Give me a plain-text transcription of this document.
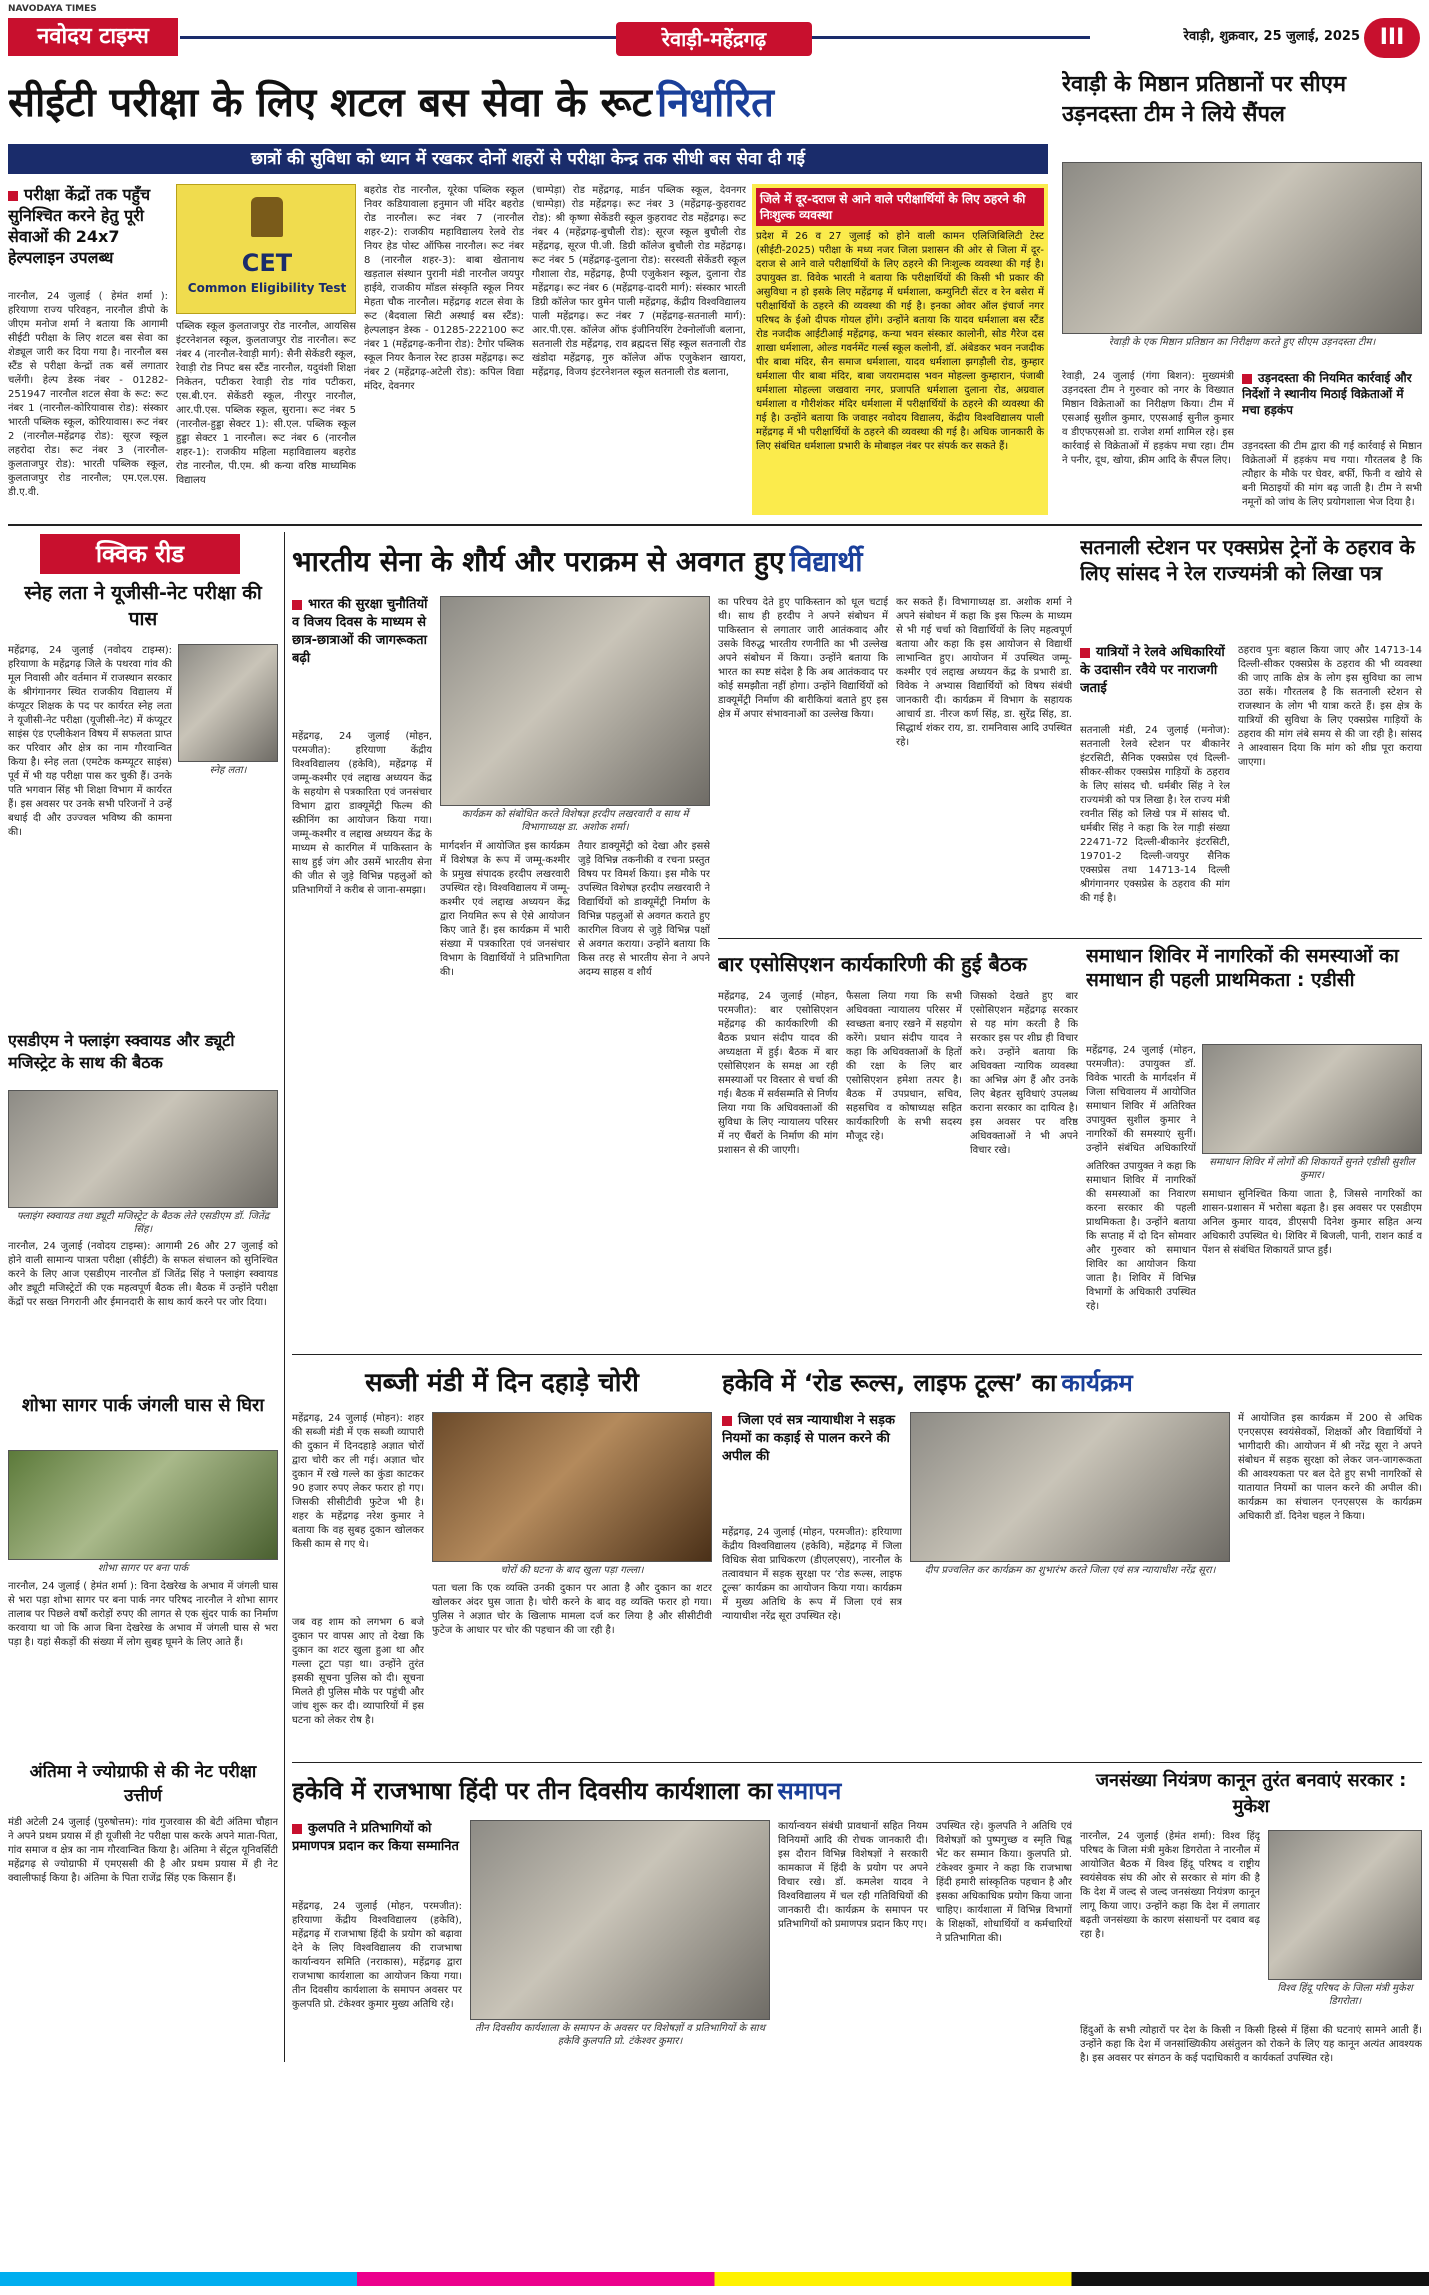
NAVODAYA TIMES
नवोदय टाइम्स	रेवाड़ी-महेंद्रगढ़	रेवाड़ी, शुक्रवार, 25 जुलाई, 2025 III
सीईटी परीक्षा के लिए शटल बस सेवा के रूट निर्धारित
छात्रों की सुविधा को ध्यान में रखकर दोनों शहरों से परीक्षा केन्द्र तक सीधी बस सेवा दी गई
परीक्षा केंद्रों तक पहुँच सुनिश्चित करने हेतु पूरी सेवाओं की 24x7 हेल्पलाइन उपलब्ध
नारनौल, 24 जुलाई ( हेमंत शर्मा ): हरियाणा राज्य परिवहन, नारनौल डीपो के जीएम मनोज शर्मा ने बताया कि आगामी सीईटी परीक्षा के लिए शटल बस सेवा का शेड्यूल जारी कर दिया गया है। नारनौल बस स्टैंड से परीक्षा केन्द्रों तक बसें लगातार चलेंगी। हेल्प डेस्क नंबर - 01282-251947 नारनौल शटल सेवा के रूट: रूट नंबर 1 (नारनौल-कोरियावास रोड): संस्कार भारती पब्लिक स्कूल, कोरियावास। रूट नंबर 2 (नारनौल-महेंद्रगढ़ रोड): सूरज स्कूल लहरोदा रोड। रूट नंबर 3 (नारनौल-कुलताजपुर रोड): भारती पब्लिक स्कूल, कुलताजपुर रोड नारनौल; एम.एल.एस. डी.ए.वी.
CET
Common Eligibility Test
पब्लिक स्कूल कुलताजपुर रोड नारनौल, आयसिस इंटरनेशनल स्कूल, कुलताजपुर रोड नारनौल। रूट नंबर 4 (नारनौल-रेवाड़ी मार्ग): सैनी सेकेंडरी स्कूल, रेवाड़ी रोड निपट बस स्टैंड नारनौल, यदुवंशी शिक्षा निकेतन, पटीकरा रेवाड़ी रोड गांव पटीकरा, एस.बी.एन. सेकेंडरी स्कूल, नीरपुर नारनौल, आर.पी.एस. पब्लिक स्कूल, सुराना। रूट नंबर 5 (नारनौल-हुड्डा सेक्टर 1): सी.एल. पब्लिक स्कूल हुड्डा सेक्टर 1 नारनौल। रूट नंबर 6 (नारनौल शहर-1): राजकीय महिला महाविद्यालय बहरोड रोड नारनौल, पी.एम. श्री कन्या वरिष्ठ माध्यमिक विद्यालय
बहरोड रोड नारनौल, यूरेका पब्लिक स्कूल निवर कडियावाला हनुमान जी मंदिर बहरोड रोड नारनौल। रूट नंबर 7 (नारनौल शहर-2): राजकीय महाविद्यालय रेलवे रोड नियर हेड पोस्ट ऑफिस नारनौल। रूट नंबर 8 (नारनौल शहर-3): बाबा खेतानाथ खड़ताल संस्थान पुरानी मंडी नारनौल जयपुर हाईवे, राजकीय मॉडल संस्कृति स्कूल नियर मेहता चौक नारनौल। महेंद्रगढ़ शटल सेवा के रूट (बैदवाला सिटी अस्थाई बस स्टैंड): हेल्पलाइन डेस्क - 01285-222100 रूट नंबर 1 (महेंद्रगढ़-कनीना रोड): टैगोर पब्लिक स्कूल नियर कैनाल रेस्ट हाउस महेंद्रगढ़। रूट नंबर 2 (महेंद्रगढ़-अटेली रोड): कपिल विद्या मंदिर, देवनगर
(चाम्पेड़ा) रोड महेंद्रगढ़, मार्डन पब्लिक स्कूल, देवनगर (चाम्पेड़ा) रोड महेंद्रगढ़। रूट नंबर 3 (महेंद्रगढ़-कुहरावट रोड): श्री कृष्णा सेकेंडरी स्कूल कुहरावट रोड महेंद्रगढ़। रूट नंबर 4 (महेंद्रगढ़-बुचौली रोड): सूरज स्कूल बुचौली रोड महेंद्रगढ़, सूरज पी.जी. डिग्री कॉलेज बुचौली रोड महेंद्रगढ़। रूट नंबर 5 (महेंद्रगढ़-दुलाना रोड): सरस्वती सेकेंडरी स्कूल गौशाला रोड, महेंद्रगढ़, हैप्पी एजुकेशन स्कूल, दुलाना रोड महेंद्रगढ़। रूट नंबर 6 (महेंद्रगढ़-दादरी मार्ग): संस्कार भारती डिग्री कॉलेज फार वुमेन पाली महेंद्रगढ़, केंद्रीय विश्वविद्यालय पाली महेंद्रगढ़। रूट नंबर 7 (महेंद्रगढ़-सतनाली मार्ग): आर.पी.एस. कॉलेज ऑफ इंजीनियरिंग टेक्नोलॉजी बलाना, सतनाली रोड महेंद्रगढ़, राव ब्रह्मदत्त सिंह स्कूल सतनाली रोड खंडोदा महेंद्रगढ़, गुरु कॉलेज ऑफ एजुकेशन खायरा, महेंद्रगढ़, विजय इंटरनेशनल स्कूल सतनाली रोड बलाना,
जिले में दूर-दराज से आने वाले परीक्षार्थियों के लिए ठहरने की निःशुल्क व्यवस्था
प्रदेश में 26 व 27 जुलाई को होने वाली कामन एलिजिबिलिटी टेस्ट (सीईटी-2025) परीक्षा के मध्य नजर जिला प्रशासन की ओर से जिला में दूर-दराज से आने वाले परीक्षार्थियों के लिए ठहरने की निःशुल्क व्यवस्था की गई है। उपायुक्त डा. विवेक भारती ने बताया कि परीक्षार्थियों की किसी भी प्रकार की असुविधा न हो इसके लिए महेंद्रगढ़ में धर्मशाला, कम्युनिटी सेंटर व रेन बसेरा में परीक्षार्थियों के ठहरने की व्यवस्था की गई है। इनका ओवर ऑल इंचार्ज नगर परिषद के ईओ दीपक गोयल होंगे। उन्होंने बताया कि यादव धर्मशाला बस स्टैंड रोड नजदीक आईटीआई महेंद्रगढ़, कन्या भवन संस्कार कालोनी, सोड गैरेज दस शाखा धर्मशाला, ओल्ड गवर्नमेंट गर्ल्स स्कूल कलोनी, डॉ. अंबेडकर भवन नजदीक पीर बाबा मंदिर, सैन समाज धर्मशाला, यादव धर्मशाला झगड़ौली रोड, कुम्हार धर्मशाला पीर बाबा मंदिर, बाबा जयरामदास भवन मोहल्ला कुम्हारान, पंजाबी धर्मशाला मोहल्ला जखवारा नगर, प्रजापति धर्मशाला दुलाना रोड, अग्रवाल धर्मशाला व गौरीशंकर मंदिर धर्मशाला में परीक्षार्थियों के ठहरने की व्यवस्था की गई है। उन्होंने बताया कि जवाहर नवोदय विद्यालय, केंद्रीय विश्वविद्यालय पाली महेंद्रगढ़ में भी परीक्षार्थियों के ठहरने की व्यवस्था की गई है। अधिक जानकारी के लिए संबंधित धर्मशाला प्रभारी के मोबाइल नंबर पर संपर्क कर सकते हैं।
रेवाड़ी के मिष्ठान प्रतिष्ठानों पर सीएम उड़नदस्ता टीम ने लिये सैंपल
रेवाड़ी के एक मिष्ठान प्रतिष्ठान का निरीक्षण करते हुए सीएम उड़नदस्ता टीम।
रेवाड़ी, 24 जुलाई (गंगा बिशन): मुख्यमंत्री उड़नदस्ता टीम ने गुरुवार को नगर के विख्यात मिष्ठान विक्रेताओं का निरीक्षण किया। टीम में एसआई सुशील कुमार, एएसआई सुनील कुमार व डीएफएसओ डा. राजेश शर्मा शामिल रहे। इस कार्रवाई से विक्रेताओं में हड़कंप मचा रहा। टीम ने पनीर, दूध, खोया, क्रीम आदि के सैंपल लिए।
उड़नदस्ता की नियमित कार्रवाई और निर्देशों ने स्थानीय मिठाई विक्रेताओं में मचा हड़कंप
उड़नदस्ता की टीम द्वारा की गई कार्रवाई से मिष्ठान विक्रेताओं में हड़कंप मच गया। गौरतलब है कि त्यौहार के मौके पर घेवर, बर्फी, फिनी व खोये से बनी मिठाइयों की मांग बढ़ जाती है। टीम ने सभी नमूनों को जांच के लिए प्रयोगशाला भेज दिया है।
क्विक रीड
स्नेह लता ने यूजीसी-नेट परीक्षा की पास
स्नेह लता।
महेंद्रगढ़, 24 जुलाई (नवोदय टाइम्स): हरियाणा के महेंद्रगढ़ जिले के पथरवा गांव की मूल निवासी और वर्तमान में राजस्थान सरकार के श्रीगंगानगर स्थित राजकीय विद्यालय में कंप्यूटर शिक्षक के पद पर कार्यरत स्नेह लता ने यूजीसी-नेट परीक्षा (यूजीसी-नेट) में कंप्यूटर साइंस एंड एप्लीकेशन विषय में सफलता प्राप्त कर परिवार और क्षेत्र का नाम गौरवान्वित किया है। स्नेह लता (एमटेक कम्प्यूटर साइंस) पूर्व में भी यह परीक्षा पास कर चुकी हैं। उनके पति भगवान सिंह भी शिक्षा विभाग में कार्यरत हैं। इस अवसर पर उनके सभी परिजनों ने उन्हें बधाई दी और उज्ज्वल भविष्य की कामना की।
एसडीएम ने फ्लाइंग स्क्वायड और ड्यूटी मजिस्ट्रेट के साथ की बैठक
फ्लाइंग स्क्वायड तथा ड्यूटी मजिस्ट्रेट के बैठक लेते एसडीएम डॉ. जितेंद्र सिंह।
नारनौल, 24 जुलाई (नवोदय टाइम्स): आगामी 26 और 27 जुलाई को होने वाली सामान्य पात्रता परीक्षा (सीईटी) के सफल संचालन को सुनिश्चित करने के लिए आज एसडीएम नारनौल डॉ जितेंद्र सिंह ने फ्लाइंग स्क्वायड और ड्यूटी मजिस्ट्रेटों की एक महत्वपूर्ण बैठक ली। बैठक में उन्होंने परीक्षा केंद्रों पर सख्त निगरानी और ईमानदारी के साथ कार्य करने पर जोर दिया।
शोभा सागर पार्क जंगली घास से घिरा
शोभा सागर पर बना पार्क
नारनौल, 24 जुलाई ( हेमंत शर्मा ): विना देखरेख के अभाव में जंगली घास से भरा पड़ा शोभा सागर पर बना पार्क नगर परिषद नारनौल ने शोभा सागर तालाब पर पिछले वर्षों करोड़ों रुपए की लागत से एक सुंदर पार्क का निर्माण करवाया था जो कि आज बिना देखरेख के अभाव में जंगली घास से भरा पड़ा है। यहां सैकड़ों की संख्या में लोग सुबह घूमने के लिए आते हैं।
अंतिमा ने ज्योग्राफी से की नेट परीक्षा उत्तीर्ण
मंडी अटेली 24 जुलाई (पुरुषोत्तम): गांव गुजरवास की बेटी अंतिमा चौहान ने अपने प्रथम प्रयास में ही यूजीसी नेट परीक्षा पास करके अपने माता-पिता, गांव समाज व क्षेत्र का नाम गौरवान्वित किया है। अंतिमा ने सेंट्रल यूनिवर्सिटी महेंद्रगढ़ से ज्योग्राफी में एमएससी की है और प्रथम प्रयास में ही नेट क्वालीफाई किया है। अंतिमा के पिता राजेंद्र सिंह एक किसान हैं।
भारतीय सेना के शौर्य और पराक्रम से अवगत हुए विद्यार्थी
भारत की सुरक्षा चुनौतियों व विजय दिवस के माध्यम से छात्र-छात्राओं की जागरूकता बढ़ी
कार्यक्रम को संबोधित करते विशेषज्ञ हरदीप लखरवारी व साथ में विभागाध्यक्ष डा. अशोक शर्मा।
महेंद्रगढ़, 24 जुलाई (मोहन, परमजीत): हरियाणा केंद्रीय विश्वविद्यालय (हकेवि), महेंद्रगढ़ में जम्मू-कश्मीर एवं लद्दाख अध्ययन केंद्र के सहयोग से पत्रकारिता एवं जनसंचार विभाग द्वारा डाक्यूमेंट्री फिल्म की स्क्रीनिंग का आयोजन किया गया। जम्मू-कश्मीर व लद्दाख अध्ययन केंद्र के माध्यम से कारगिल में पाकिस्तान के साथ हुई जंग और उसमें भारतीय सेना की जीत से जुड़े विभिन्न पहलुओं को प्रतिभागियों ने करीब से जाना-समझा।
मार्गदर्शन में आयोजित इस कार्यक्रम में विशेषज्ञ के रूप में जम्मू-कश्मीर के प्रमुख संपादक हरदीप लखरवारी उपस्थित रहे। विश्वविद्यालय में जम्मू-कश्मीर एवं लद्दाख अध्ययन केंद्र द्वारा नियमित रूप से ऐसे आयोजन किए जाते हैं। इस कार्यक्रम में भारी संख्या में पत्रकारिता एवं जनसंचार विभाग के विद्यार्थियों ने प्रतिभागिता की।
तैयार डाक्यूमेंट्री को देखा और इससे जुड़े विभिन्न तकनीकी व रचना प्रस्तुत विषय पर विमर्श किया। इस मौके पर उपस्थित विशेषज्ञ हरदीप लखरवारी ने विद्यार्थियों को डाक्यूमेंट्री निर्माण के विभिन्न पहलुओं से अवगत कराते हुए कारगिल विजय से जुड़े विभिन्न पक्षों से अवगत कराया। उन्होंने बताया कि किस तरह से भारतीय सेना ने अपने अदम्य साहस व शौर्य
का परिचय देते हुए पाकिस्तान को धूल चटाई थी। साथ ही हरदीप ने अपने संबोधन में पाकिस्तान से लगातार जारी आतंकवाद और उसके विरुद्ध भारतीय रणनीति का भी उल्लेख अपने संबोधन में किया। उन्होंने बताया कि भारत का स्पष्ट संदेश है कि अब आतंकवाद पर कोई समझौता नहीं होगा। उन्होंने विद्यार्थियों को डाक्यूमेंट्री निर्माण की बारीकियां बताते हुए इस क्षेत्र में अपार संभावनाओं का उल्लेख किया।
कर सकते हैं। विभागाध्यक्ष डा. अशोक शर्मा ने अपने संबोधन में कहा कि इस फिल्म के माध्यम से भी गई चर्चा को विद्यार्थियों के लिए महत्वपूर्ण बताया और कहा कि इस आयोजन से विद्यार्थी लाभान्वित हुए। आयोजन में उपस्थित जम्मू-कश्मीर एवं लद्दाख अध्ययन केंद्र के प्रभारी डा. विवेक ने अभ्यास विद्यार्थियों को विषय संबंधी जानकारी दी। कार्यक्रम में विभाग के सहायक आचार्य डा. नीरज कर्ण सिंह, डा. सुरेंद्र सिंह, डा. सिद्धार्थ शंकर राय, डा. रामनिवास आदि उपस्थित रहे।
सतनाली स्टेशन पर एक्सप्रेस ट्रेनों के ठहराव के लिए सांसद ने रेल राज्यमंत्री को लिखा पत्र
यात्रियों ने रेलवे अधिकारियों के उदासीन रवैये पर नाराजगी जताई
सतनाली मंडी, 24 जुलाई (मनोज): सतनाली रेलवे स्टेशन पर बीकानेर इंटरसिटी, सैनिक एक्सप्रेस एवं दिल्ली-सीकर-सीकर एक्सप्रेस गाड़ियों के ठहराव के लिए सांसद चौ. धर्मबीर सिंह ने रेल राज्यमंत्री को पत्र लिखा है। रेल राज्य मंत्री रवनीत सिंह को लिखे पत्र में सांसद चौ. धर्मबीर सिंह ने कहा कि रेल गाड़ी संख्या 22471-72 दिल्ली-बीकानेर इंटरसिटी, 19701-2 दिल्ली-जयपुर सैनिक एक्सप्रेस तथा 14713-14 दिल्ली श्रीगंगानगर एक्सप्रेस के ठहराव की मांग की गई है।
ठहराव पुनः बहाल किया जाए और 14713-14 दिल्ली-सीकर एक्सप्रेस के ठहराव की भी व्यवस्था की जाए ताकि क्षेत्र के लोग इस सुविधा का लाभ उठा सकें। गौरतलब है कि सतनाली स्टेशन से राजस्थान के लोग भी यात्रा करते हैं। इस क्षेत्र के यात्रियों की सुविधा के लिए एक्सप्रेस गाड़ियों के ठहराव की मांग लंबे समय से की जा रही है। सांसद ने आश्वासन दिया कि मांग को शीघ्र पूरा कराया जाएगा।
बार एसोसिएशन कार्यकारिणी की हुई बैठक
महेंद्रगढ़, 24 जुलाई (मोहन, परमजीत): बार एसोसिएशन महेंद्रगढ़ की कार्यकारिणी की बैठक प्रधान संदीप यादव की अध्यक्षता में हुई। बैठक में बार एसोसिएशन के समक्ष आ रही समस्याओं पर विस्तार से चर्चा की गई। बैठक में सर्वसम्मति से निर्णय लिया गया कि अधिवक्ताओं की सुविधा के लिए न्यायालय परिसर में नए चैंबरों के निर्माण की मांग प्रशासन से की जाएगी।
फैसला लिया गया कि सभी अधिवक्ता न्यायालय परिसर में स्वच्छता बनाए रखने में सहयोग करेंगे। प्रधान संदीप यादव ने कहा कि अधिवक्ताओं के हितों की रक्षा के लिए बार एसोसिएशन हमेशा तत्पर है। बैठक में उपप्रधान, सचिव, सहसचिव व कोषाध्यक्ष सहित कार्यकारिणी के सभी सदस्य मौजूद रहे।
जिसको देखते हुए बार एसोसिएशन महेंद्रगढ़ सरकार से यह मांग करती है कि सरकार इस पर शीघ्र ही विचार करे। उन्होंने बताया कि अधिवक्ता न्यायिक व्यवस्था का अभिन्न अंग हैं और उनके लिए बेहतर सुविधाएं उपलब्ध कराना सरकार का दायित्व है। इस अवसर पर वरिष्ठ अधिवक्ताओं ने भी अपने विचार रखे।
समाधान शिविर में नागरिकों की समस्याओं का समाधान ही पहली प्राथमिकता : एडीसी
महेंद्रगढ़, 24 जुलाई (मोहन, परमजीत): उपायुक्त डॉ. विवेक भारती के मार्गदर्शन में जिला सचिवालय में आयोजित समाधान शिविर में अतिरिक्त उपायुक्त सुशील कुमार ने नागरिकों की समस्याएं सुनीं। उन्होंने संबंधित अधिकारियों
समाधान शिविर में लोगों की शिकायतें सुनते एडीसी सुशील कुमार।
अतिरिक्त उपायुक्त ने कहा कि समाधान शिविर में नागरिकों की समस्याओं का निवारण करना सरकार की पहली प्राथमिकता है। उन्होंने बताया कि सप्ताह में दो दिन सोमवार और गुरुवार को समाधान शिविर का आयोजन किया जाता है। शिविर में विभिन्न विभागों के अधिकारी उपस्थित रहे।
समाधान सुनिश्चित किया जाता है, जिससे नागरिकों का शासन-प्रशासन में भरोसा बढ़ता है। इस अवसर पर एसडीएम अनिल कुमार यादव, डीएसपी दिनेश कुमार सहित अन्य अधिकारी उपस्थित थे। शिविर में बिजली, पानी, राशन कार्ड व पेंशन से संबंधित शिकायतें प्राप्त हुईं।
सब्जी मंडी में दिन दहाड़े चोरी
महेंद्रगढ़, 24 जुलाई (मोहन): शहर की सब्जी मंडी में एक सब्जी व्यापारी की दुकान में दिनदहाड़े अज्ञात चोरों द्वारा चोरी कर ली गई। अज्ञात चोर दुकान में रखे गल्ले का कुंडा काटकर 90 हजार रुपए लेकर फरार हो गए। जिसकी सीसीटीवी फुटेज भी है। शहर के महेंद्रगढ़ नरेश कुमार ने बताया कि वह सुबह दुकान खोलकर किसी काम से गए थे।
चोरों की घटना के बाद खुला पड़ा गल्ला।
जब वह शाम को लगभग 6 बजे दुकान पर वापस आए तो देखा कि दुकान का शटर खुला हुआ था और गल्ला टूटा पड़ा था। उन्होंने तुरंत इसकी सूचना पुलिस को दी। सूचना मिलते ही पुलिस मौके पर पहुंची और जांच शुरू कर दी। व्यापारियों में इस घटना को लेकर रोष है।
पता चला कि एक व्यक्ति उनकी दुकान पर आता है और दुकान का शटर खोलकर अंदर घुस जाता है। चोरी करने के बाद वह व्यक्ति फरार हो गया। पुलिस ने अज्ञात चोर के खिलाफ मामला दर्ज कर लिया है और सीसीटीवी फुटेज के आधार पर चोर की पहचान की जा रही है।
हकेवि में ‘रोड रूल्स, लाइफ टूल्स’ का कार्यक्रम
जिला एवं सत्र न्यायाधीश ने सड़क नियमों का कड़ाई से पालन करने की अपील की
दीप प्रज्वलित कर कार्यक्रम का शुभारंभ करते जिला एवं सत्र न्यायाधीश नरेंद्र सूरा।
महेंद्रगढ़, 24 जुलाई (मोहन, परमजीत): हरियाणा केंद्रीय विश्वविद्यालय (हकेवि), महेंद्रगढ़ में जिला विधिक सेवा प्राधिकरण (डीएलएसए), नारनौल के तत्वावधान में सड़क सुरक्षा पर ‘रोड रूल्स, लाइफ टूल्स’ कार्यक्रम का आयोजन किया गया। कार्यक्रम में मुख्य अतिथि के रूप में जिला एवं सत्र न्यायाधीश नरेंद्र सूरा उपस्थित रहे।
में आयोजित इस कार्यक्रम में 200 से अधिक एनएसएस स्वयंसेवकों, शिक्षकों और विद्यार्थियों ने भागीदारी की। आयोजन में श्री नरेंद्र सूरा ने अपने संबोधन में सड़क सुरक्षा को लेकर जन-जागरूकता की आवश्यकता पर बल देते हुए सभी नागरिकों से यातायात नियमों का पालन करने की अपील की। कार्यक्रम का संचालन एनएसएस के कार्यक्रम अधिकारी डॉ. दिनेश चहल ने किया।
हकेवि में राजभाषा हिंदी पर तीन दिवसीय कार्यशाला का समापन
कुलपति ने प्रतिभागियों को प्रमाणपत्र प्रदान कर किया सम्मानित
महेंद्रगढ़, 24 जुलाई (मोहन, परमजीत): हरियाणा केंद्रीय विश्वविद्यालय (हकेवि), महेंद्रगढ़ में राजभाषा हिंदी के प्रयोग को बढ़ावा देने के लिए विश्वविद्यालय की राजभाषा कार्यान्वयन समिति (नराकास), महेंद्रगढ़ द्वारा राजभाषा कार्यशाला का आयोजन किया गया। तीन दिवसीय कार्यशाला के समापन अवसर पर कुलपति प्रो. टंकेश्वर कुमार मुख्य अतिथि रहे।
तीन दिवसीय कार्यशाला के समापन के अवसर पर विशेषज्ञों व प्रतिभागियों के साथ हकेवि कुलपति प्रो. टंकेश्वर कुमार।
कार्यान्वयन संबंधी प्रावधानों सहित नियम विनियमों आदि की रोचक जानकारी दी। इस दौरान विभिन्न विशेषज्ञों ने सरकारी कामकाज में हिंदी के प्रयोग पर अपने विचार रखे। डॉ. कमलेश यादव ने विश्वविद्यालय में चल रही गतिविधियों की जानकारी दी। कार्यक्रम के समापन पर प्रतिभागियों को प्रमाणपत्र प्रदान किए गए।
उपस्थित रहे। कुलपति ने अतिथि एवं विशेषज्ञों को पुष्पगुच्छ व स्मृति चिह्न भेंट कर सम्मान किया। कुलपति प्रो. टंकेश्वर कुमार ने कहा कि राजभाषा हिंदी हमारी सांस्कृतिक पहचान है और इसका अधिकाधिक प्रयोग किया जाना चाहिए। कार्यशाला में विभिन्न विभागों के शिक्षकों, शोधार्थियों व कर्मचारियों ने प्रतिभागिता की।
जनसंख्या नियंत्रण कानून तुरंत बनवाएं सरकार : मुकेश
नारनौल, 24 जुलाई (हेमंत शर्मा): विश्व हिंदू परिषद के जिला मंत्री मुकेश डिगरोता ने नारनौल में आयोजित बैठक में विश्व हिंदू परिषद व राष्ट्रीय स्वयंसेवक संघ की ओर से सरकार से मांग की है कि देश में जल्द से जल्द जनसंख्या नियंत्रण कानून लागू किया जाए। उन्होंने कहा कि देश में लगातार बढ़ती जनसंख्या के कारण संसाधनों पर दबाव बढ़ रहा है।
विश्व हिंदू परिषद के जिला मंत्री मुकेश डिगरोता।
हिंदुओं के सभी त्योहारों पर देश के किसी न किसी हिस्से में हिंसा की घटनाएं सामने आती हैं। उन्होंने कहा कि देश में जनसांख्यिकीय असंतुलन को रोकने के लिए यह कानून अत्यंत आवश्यक है। इस अवसर पर संगठन के कई पदाधिकारी व कार्यकर्ता उपस्थित रहे।
